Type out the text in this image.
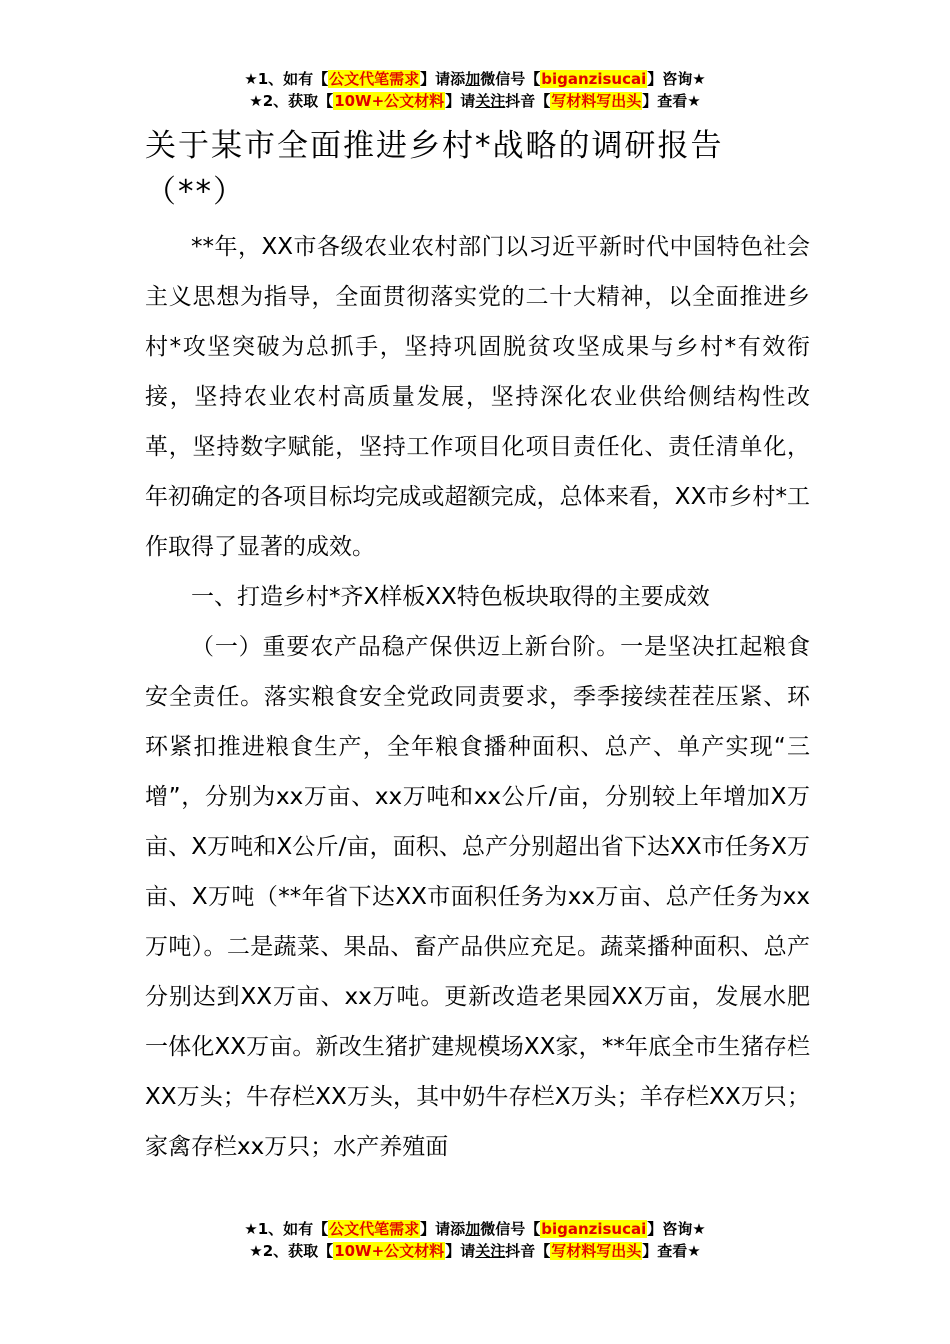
★1、如有【公文代笔需求】请添加微信号【biganzisucai】咨询★
★2、获取【10W+公文材料】请关注抖音【写材料写出头】查看★
关于某市全面推进乡村*战略的调研报告
（**）

**年，XX市各级农业农村部门以习近平新时代中国特色社会主义思想为指导，全面贯彻落实党的二十大精神，以全面推进乡村*攻坚突破为总抓手，坚持巩固脱贫攻坚成果与乡村*有效衔接，坚持农业农村高质量发展，坚持深化农业供给侧结构性改革，坚持数字赋能，坚持工作项目化项目责任化、责任清单化，年初确定的各项目标均完成或超额完成，总体来看，XX市乡村*工作取得了显著的成效。

一、打造乡村*齐X样板XX特色板块取得的主要成效

（一）重要农产品稳产保供迈上新台阶。一是坚决扛起粮食安全责任。落实粮食安全党政同责要求，季季接续茬茬压紧、环环紧扣推进粮食生产，全年粮食播种面积、总产、单产实现“三增”，分别为xx万亩、xx万吨和xx公斤/亩，分别较上年增加X万亩、X万吨和X公斤/亩，面积、总产分别超出省下达XX市任务X万亩、X万吨（**年省下达XX市面积任务为xx万亩、总产任务为xx万吨）。二是蔬菜、果品、畜产品供应充足。蔬菜播种面积、总产分别达到XX万亩、xx万吨。更新改造老果园XX万亩，发展水肥一体化XX万亩。新改生猪扩建规模场XX家，**年底全市生猪存栏XX万头；牛存栏XX万头，其中奶牛存栏X万头；羊存栏XX万只；家禽存栏xx万只；水产养殖面

★1、如有【公文代笔需求】请添加微信号【biganzisucai】咨询★
★2、获取【10W+公文材料】请关注抖音【写材料写出头】查看★
